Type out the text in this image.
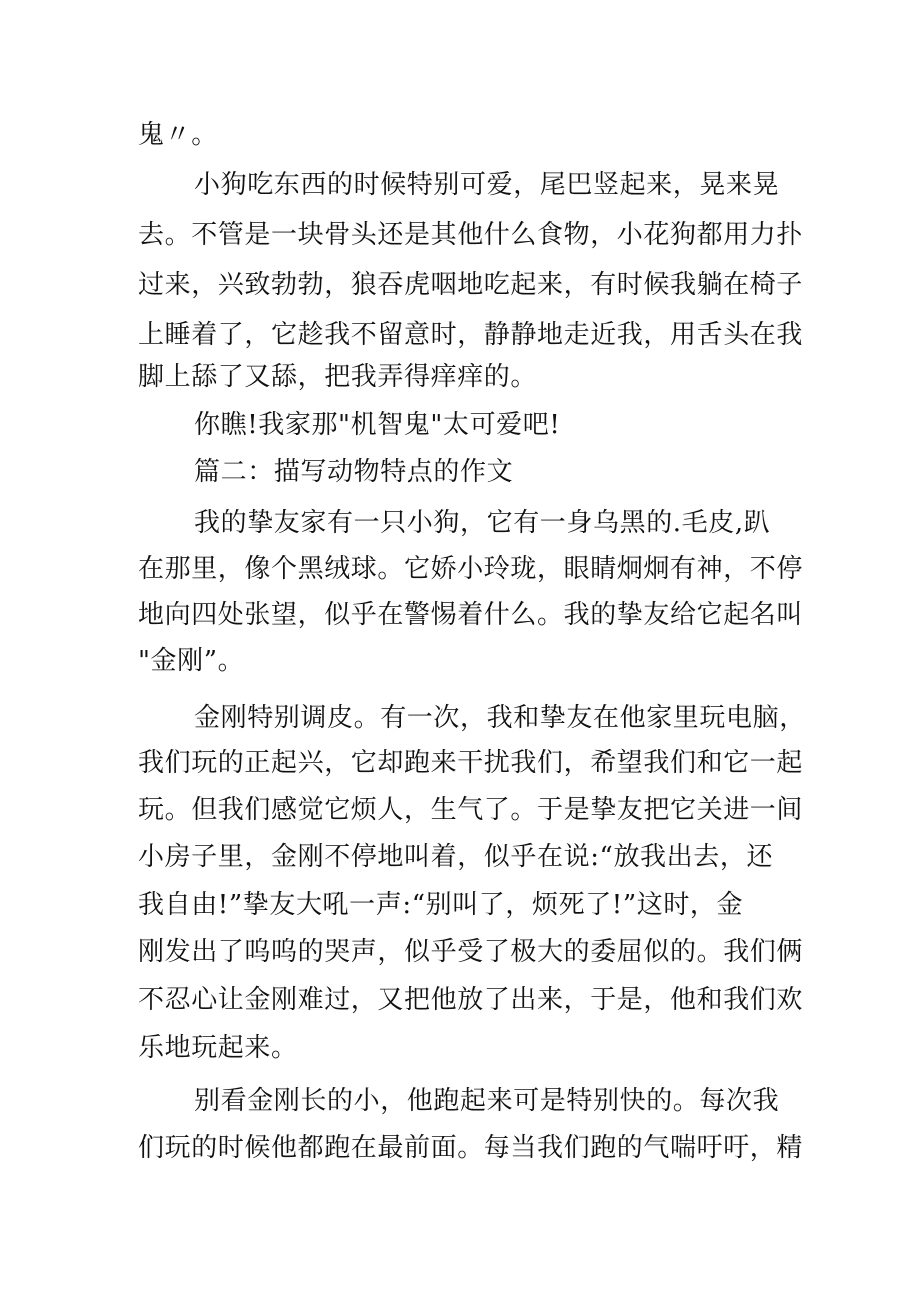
鬼〃。
小狗吃东西的时候特别可爱，尾巴竖起来，晃来晃
去。不管是一块骨头还是其他什么食物，小花狗都用力扑
过来，兴致勃勃，狼吞虎咽地吃起来，有时候我躺在椅子
上睡着了，它趁我不留意时，静静地走近我，用舌头在我
脚上舔了又舔，把我弄得痒痒的。
你瞧!我家那"机智鬼"太可爱吧!
篇二：描写动物特点的作文
我的挚友家有一只小狗，它有一身乌黑的.毛皮,趴
在那里，像个黑绒球。它娇小玲珑，眼睛炯炯有神，不停
地向四处张望，似乎在警惕着什么。我的挚友给它起名叫
"金刚”。
金刚特别调皮。有一次，我和挚友在他家里玩电脑，
我们玩的正起兴，它却跑来干扰我们，希望我们和它一起
玩。但我们感觉它烦人，生气了。于是挚友把它关进一间
小房子里，金刚不停地叫着，似乎在说:“放我出去，还
我自由!”挚友大吼一声:“别叫了，烦死了!”这时，金
刚发出了呜呜的哭声，似乎受了极大的委屈似的。我们俩
不忍心让金刚难过，又把他放了出来，于是，他和我们欢
乐地玩起来。
别看金刚长的小，他跑起来可是特别快的。每次我
们玩的时候他都跑在最前面。每当我们跑的气喘吁吁，精
